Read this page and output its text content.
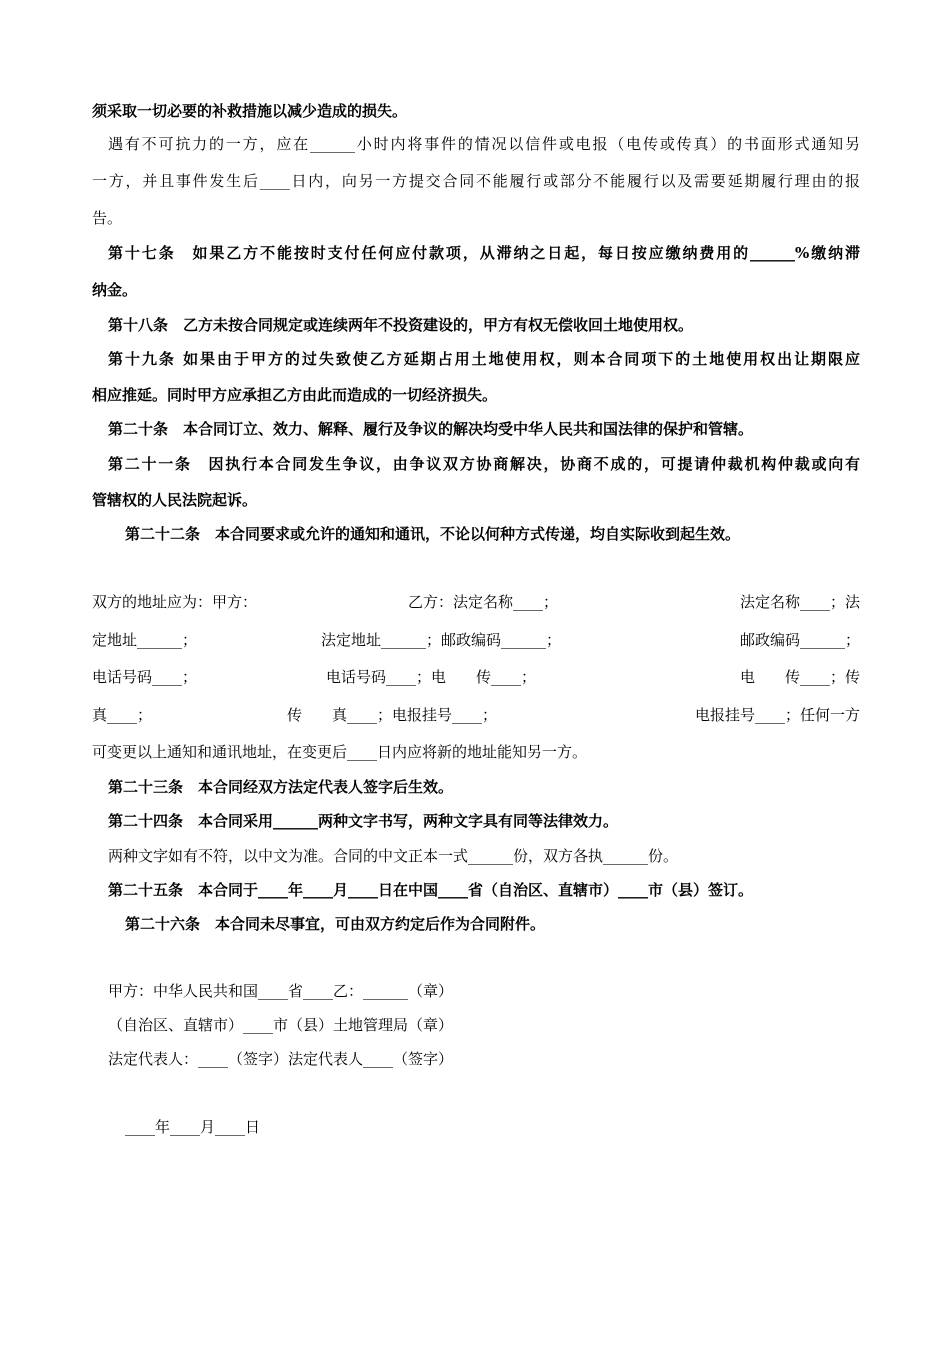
须采取一切必要的补救措施以减少造成的损失。
遇有不可抗力的一方，应在______小时内将事件的情况以信件或电报（电传或传真）的书面形式通知另
一方，并且事件发生后____日内，向另一方提交合同不能履行或部分不能履行以及需要延期履行理由的报
告。
第十七条　如果乙方不能按时支付任何应付款项，从滞纳之日起，每日按应缴纳费用的______%缴纳滞
纳金。
第十八条　乙方未按合同规定或连续两年不投资建设的，甲方有权无偿收回土地使用权。
第十九条 如果由于甲方的过失致使乙方延期占用土地使用权，则本合同项下的土地使用权出让期限应
相应推延。同时甲方应承担乙方由此而造成的一切经济损失。
第二十条　本合同订立、效力、解释、履行及争议的解决均受中华人民共和国法律的保护和管辖。
第二十一条　因执行本合同发生争议，由争议双方协商解决，协商不成的，可提请仲裁机构仲裁或向有
管辖权的人民法院起诉。
第二十二条　本合同要求或允许的通知和通讯，不论以何种方式传递，均自实际收到起生效。
双方的地址应为：甲方：	乙方：法定名称____；	法定名称____；法
定地址______；	法定地址______；邮政编码______；	邮政编码______；
电话号码____；	电话号码____；电　　传____；	电　　传____；传
真____；	传　　真____；电报挂号____；	电报挂号____；任何一方
可变更以上通知和通讯地址，在变更后____日内应将新的地址能知另一方。
第二十三条　本合同经双方法定代表人签字后生效。
第二十四条　本合同采用______两种文字书写，两种文字具有同等法律效力。
两种文字如有不符，以中文为准。合同的中文正本一式______份，双方各执______份。
第二十五条　本合同于____年____月____日在中国____省（自治区、直辖市）____市（县）签订。
第二十六条　本合同未尽事宜，可由双方约定后作为合同附件。
甲方：中华人民共和国____省____乙：______（章）
（自治区、直辖市）____市（县）土地管理局（章）
法定代表人：____（签字）法定代表人____（签字）
____年____月____日
